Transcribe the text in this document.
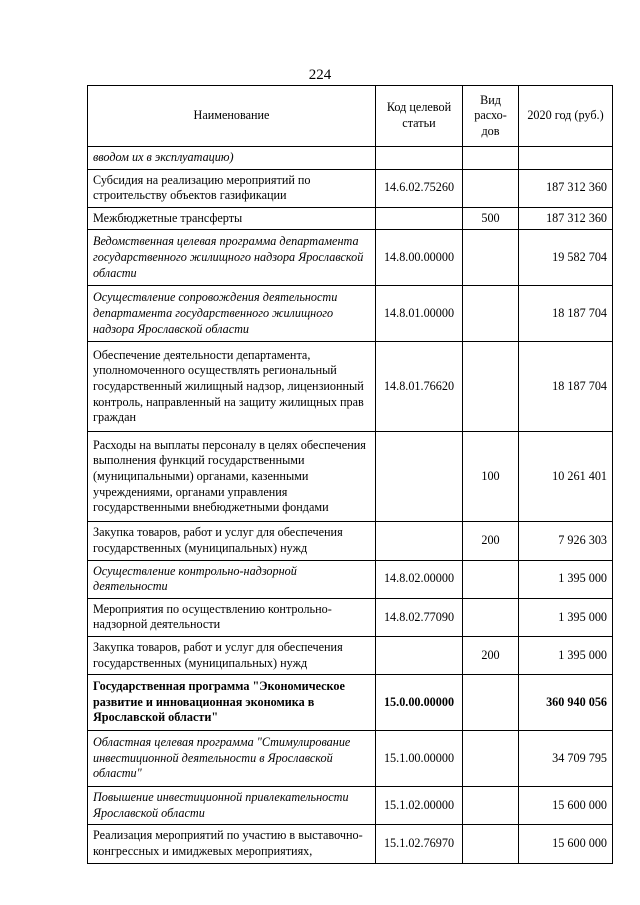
224
Наименование	Код целевой статьи	Вид расхо-дов	2020 год (руб.)
вводом их в эксплуатацию)			
Субсидия на реализацию мероприятий по строительству объектов газификации	14.6.02.75260		187 312 360
Межбюджетные трансферты		500	187 312 360
Ведомственная целевая программа департамента государственного жилищного надзора Ярославской области	14.8.00.00000		19 582 704
Осуществление сопровождения деятельности департамента государственного жилищного надзора Ярославской области	14.8.01.00000		18 187 704
Обеспечение деятельности департамента, уполномоченного осуществлять региональный государственный жилищный надзор, лицензионный контроль, направленный на защиту жилищных прав граждан	14.8.01.76620		18 187 704
Расходы на выплаты персоналу в целях обеспечения выполнения функций государственными (муниципальными) органами, казенными учреждениями, органами управления государственными внебюджетными фондами		100	10 261 401
Закупка товаров, работ и услуг для обеспечения государственных (муниципальных) нужд		200	7 926 303
Осуществление контрольно-надзорной деятельности	14.8.02.00000		1 395 000
Мероприятия по осуществлению контрольно-надзорной деятельности	14.8.02.77090		1 395 000
Закупка товаров, работ и услуг для обеспечения государственных (муниципальных) нужд		200	1 395 000
Государственная программа "Экономическое развитие и инновационная экономика в Ярославской области"	15.0.00.00000		360 940 056
Областная целевая программа "Стимулирование инвестиционной деятельности в Ярославской области"	15.1.00.00000		34 709 795
Повышение инвестиционной привлекательности Ярославской области	15.1.02.00000		15 600 000
Реализация мероприятий по участию в выставочно-конгрессных и имиджевых мероприятиях,	15.1.02.76970		15 600 000
